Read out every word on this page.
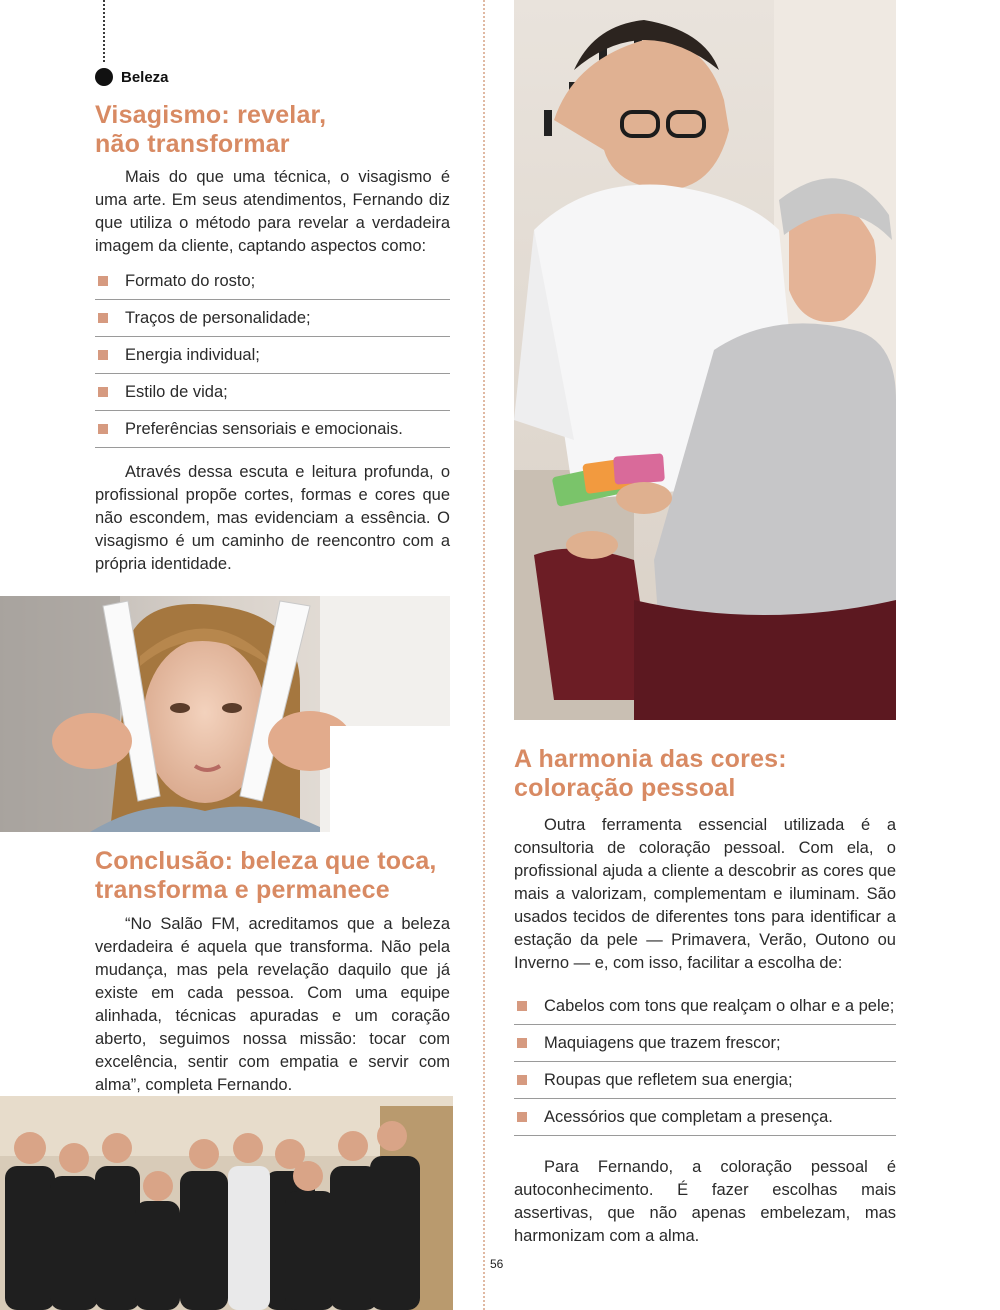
Beleza
Visagismo: revelar,
não transformar

Mais do que uma técnica, o visagismo é uma arte. Em seus atendimentos, Fernando diz que utiliza o método para revelar a verdadeira imagem da cliente, captando aspectos como:

Formato do rosto;
Traços de personalidade;
Energia individual;
Estilo de vida;
Preferências sensoriais e emocionais.

Através dessa escuta e leitura profunda, o profissional propõe cortes, formas e cores que não escondem, mas evidenciam a essência. O visagismo é um caminho de reencontro com a própria identidade.

Conclusão: beleza que toca,
transforma e permanece

“No Salão FM, acreditamos que a beleza verdadeira é aquela que transforma. Não pela mudança, mas pela revelação daquilo que já existe em cada pessoa. Com uma equipe alinhada, técnicas apuradas e um coração aberto, seguimos nossa missão: tocar com excelência, sentir com empatia e servir com alma”, completa Fernando.

A harmonia das cores:
coloração pessoal

Outra ferramenta essencial utilizada é a consultoria de coloração pessoal. Com ela, o profissional ajuda a cliente a descobrir as cores que mais a valorizam, complementam e iluminam. São usados tecidos de diferentes tons para identificar a estação da pele — Primavera, Verão, Outono ou Inverno — e, com isso, facilitar a escolha de:

Cabelos com tons que realçam o olhar e a pele;
Maquiagens que trazem frescor;
Roupas que refletem sua energia;
Acessórios que completam a presença.

Para Fernando, a coloração pessoal é autoconhecimento. É fazer escolhas mais assertivas, que não apenas embelezam, mas harmonizam com a alma.

56
